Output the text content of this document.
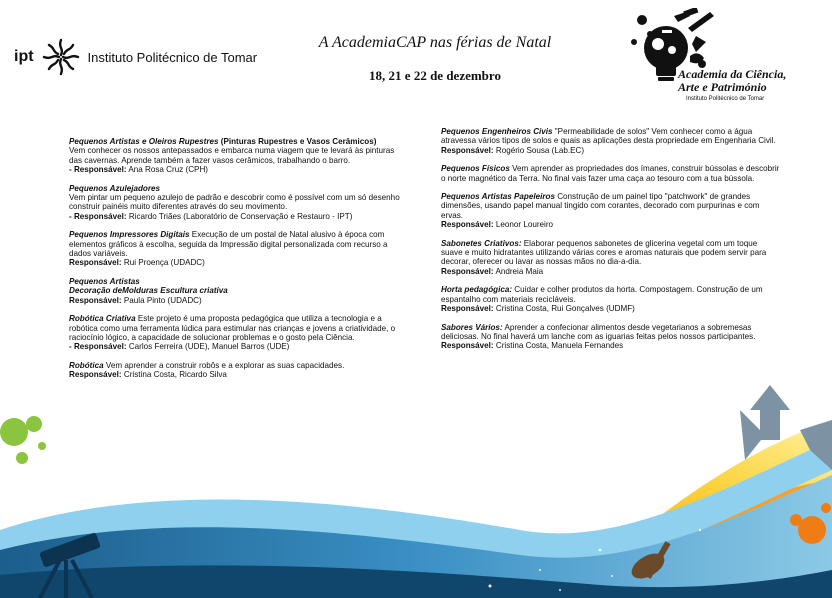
ipt	Instituto Politécnico de Tomar
A AcademiaCAP nas férias de Natal
18, 21 e 22 de dezembro	Academia da Ciência,
Arte e Património
Instituto Politécnico de Tomar

Pequenos Artistas e Oleiros Rupestres (Pinturas Rupestres e Vasos Cerâmicos)

Vem conhecer os nossos antepassados e embarca numa viagem que te levará às pinturas das cavernas. Aprende também a fazer vasos cerâmicos, trabalhando o barro.

- Responsável: Ana Rosa Cruz (CPH)

Pequenos Azulejadores

Vem pintar um pequeno azulejo de padrão e descobrir como é possível com um só desenho construir painéis muito diferentes através do seu movimento.

- Responsável: Ricardo Triães (Laboratório de Conservação e Restauro - IPT)

Pequenos Impressores Digitais Execução de um postal de Natal alusivo à época com elementos gráficos à escolha, seguida da Impressão digital personalizada com recurso a dados variáveis.

Responsável: Rui Proença (UDADC)

Pequenos Artistas

Decoração deMolduras Escultura criativa

Responsável: Paula Pinto (UDADC)

Robótica Criativa Este projeto é uma proposta pedagógica que utiliza a tecnologia e a robótica como uma ferramenta lúdica para estimular nas crianças e jovens a criatividade, o raciocínio lógico, a capacidade de solucionar problemas e o gosto pela Ciência.

- Responsável: Carlos Ferreira (UDE), Manuel Barros (UDE)

Robótica Vem aprender a construir robôs e a explorar as suas capacidades.

Responsável: Cristina Costa, Ricardo Silva

Pequenos Engenheiros Civis "Permeabilidade de solos" Vem conhecer como a água atravessa vários tipos de solos e quais as aplicações desta propriedade em Engenharia Civil.

Responsável: Rogério Sousa (Lab.EC)

Pequenos Físicos Vem aprender as propriedades dos ímanes, construir bússolas e descobrir o norte magnético da Terra. No final vais fazer uma caça ao tesouro com a tua bússola.

Pequenos Artistas Papeleiros Construção de um painel tipo "patchwork" de grandes dimensões, usando papel manual tingido com corantes, decorado com purpurinas e com ervas.

Responsável: Leonor Loureiro

Sabonetes Criativos: Elaborar pequenos sabonetes de glicerina vegetal com um toque suave e muito hidratantes utilizando várias cores e aromas naturais que podem servir para decorar, oferecer ou lavar as nossas mãos no dia-a-dia.

Responsável: Andreia Maia

Horta pedagógica: Cuidar e colher produtos da horta. Compostagem. Construção de um espantalho com materiais recicláveis.

Responsável: Cristina Costa, Rui Gonçalves (UDMF)

Sabores Vários: Aprender a confecionar alimentos desde vegetarianos a sobremesas deliciosas. No final haverá um lanche com as iguarias feitas pelos nossos participantes.

Responsável: Cristina Costa, Manuela Fernandes
